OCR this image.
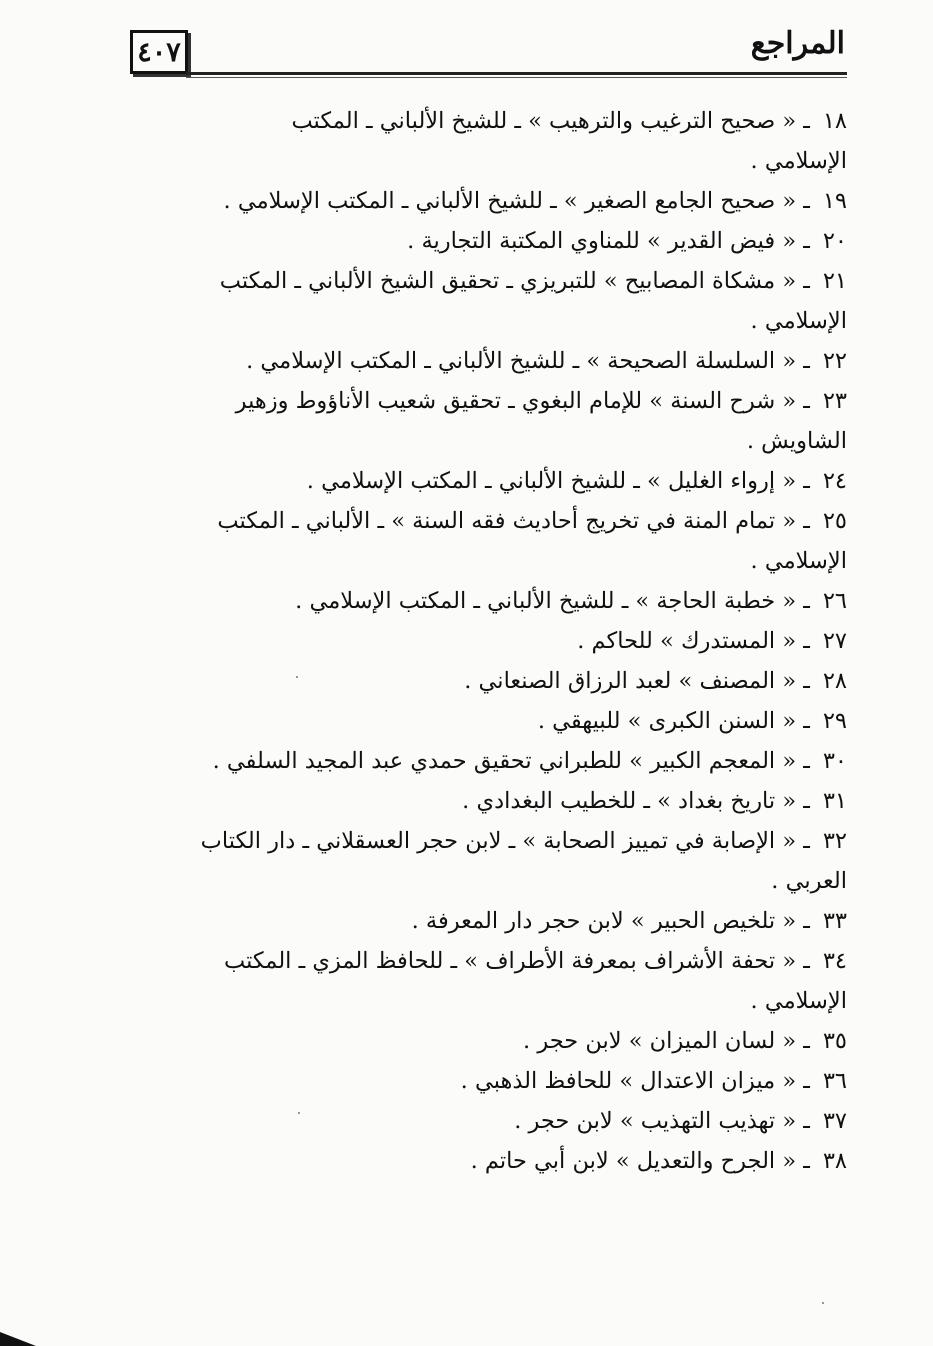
المراجع
٤٠٧
١٨ ـ « صحيح الترغيب والترهيب » ـ للشيخ الألباني ـ المكتب
الإسلامي .
١٩ ـ « صحيح الجامع الصغير » ـ للشيخ الألباني ـ المكتب الإسلامي .
٢٠ ـ « فيض القدير » للمناوي المكتبة التجارية .
٢١ ـ « مشكاة المصابيح » للتبريزي ـ تحقيق الشيخ الألباني ـ المكتب
الإسلامي .
٢٢ ـ « السلسلة الصحيحة » ـ للشيخ الألباني ـ المكتب الإسلامي .
٢٣ ـ « شرح السنة » للإمام البغوي ـ تحقيق شعيب الأناؤوط وزهير
الشاويش .
٢٤ ـ « إرواء الغليل » ـ للشيخ الألباني ـ المكتب الإسلامي .
٢٥ ـ « تمام المنة في تخريج أحاديث فقه السنة » ـ الألباني ـ المكتب
الإسلامي .
٢٦ ـ « خطبة الحاجة » ـ للشيخ الألباني ـ المكتب الإسلامي .
٢٧ ـ « المستدرك » للحاكم .
٢٨ ـ « المصنف » لعبد الرزاق الصنعاني .
٢٩ ـ « السنن الكبرى » للبيهقي .
٣٠ ـ « المعجم الكبير » للطبراني تحقيق حمدي عبد المجيد السلفي .
٣١ ـ « تاريخ بغداد » ـ للخطيب البغدادي .
٣٢ ـ « الإصابة في تمييز الصحابة » ـ لابن حجر العسقلاني ـ دار الكتاب
العربي .
٣٣ ـ « تلخيص الحبير » لابن حجر دار المعرفة .
٣٤ ـ « تحفة الأشراف بمعرفة الأطراف » ـ للحافظ المزي ـ المكتب
الإسلامي .
٣٥ ـ « لسان الميزان » لابن حجر .
٣٦ ـ « ميزان الاعتدال » للحافظ الذهبي .
٣٧ ـ « تهذيب التهذيب » لابن حجر .
٣٨ ـ « الجرح والتعديل » لابن أبي حاتم .
